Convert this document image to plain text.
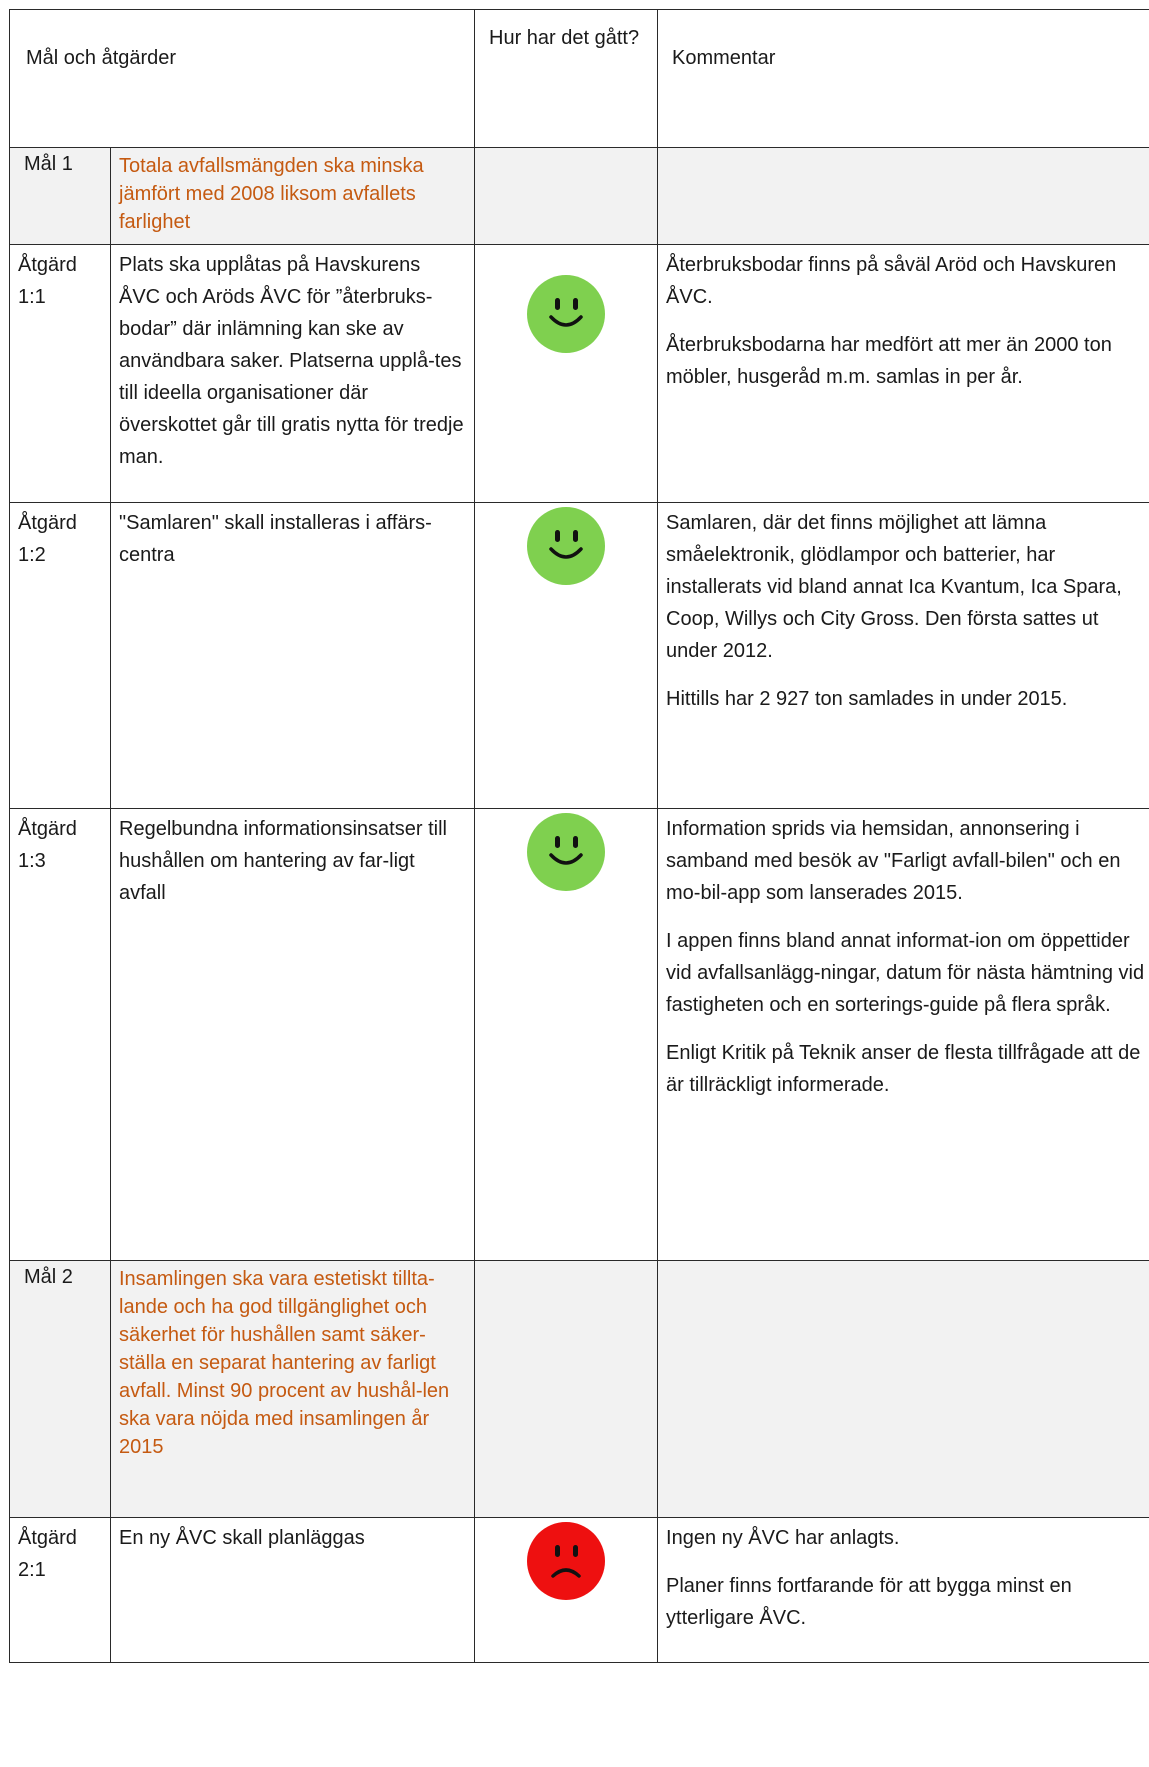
Mål och åtgärder		Hur har det gått?	Kommentar
Mål 1	Totala avfallsmängden ska minska jämfört med 2008 liksom avfallets farlighet		
Åtgärd 1:1	Plats ska upplåtas på Havskurens ÅVC och Aröds ÅVC för ”återbruks-bodar” där inlämning kan ske av användbara saker. Platserna upplå-tes till ideella organisationer där överskottet går till gratis nytta för tredje man.		Återbruksbodar finns på såväl Aröd och Havskuren ÅVC.

Återbruksbodarna har medfört att mer än 2000 ton möbler, husgeråd m.m. samlas in per år.

Åtgärd 1:2	"Samlaren" skall installeras i affärs-centra		Samlaren, där det finns möjlighet att lämna småelektronik, glödlampor och batterier, har installerats vid bland annat Ica Kvantum, Ica Spara, Coop, Willys och City Gross. Den första sattes ut under 2012.

Hittills har 2 927 ton samlades in under 2015.

Åtgärd 1:3	Regelbundna informationsinsatser till hushållen om hantering av far-ligt avfall		Information sprids via hemsidan, annonsering i samband med besök av "Farligt avfall-bilen" och en mo-bil-app som lanserades 2015.

I appen finns bland annat informat-ion om öppettider vid avfallsanlägg-ningar, datum för nästa hämtning vid fastigheten och en sorterings-guide på flera språk.

Enligt Kritik på Teknik anser de flesta tillfrågade att de är tillräckligt informerade.

Mål 2	Insamlingen ska vara estetiskt tillta-lande och ha god tillgänglighet och säkerhet för hushållen samt säker-ställa en separat hantering av farligt avfall. Minst 90 procent av hushål-len ska vara nöjda med insamlingen år 2015		
Åtgärd 2:1	En ny ÅVC skall planläggas		Ingen ny ÅVC har anlagts.

Planer finns fortfarande för att bygga minst en ytterligare ÅVC.
